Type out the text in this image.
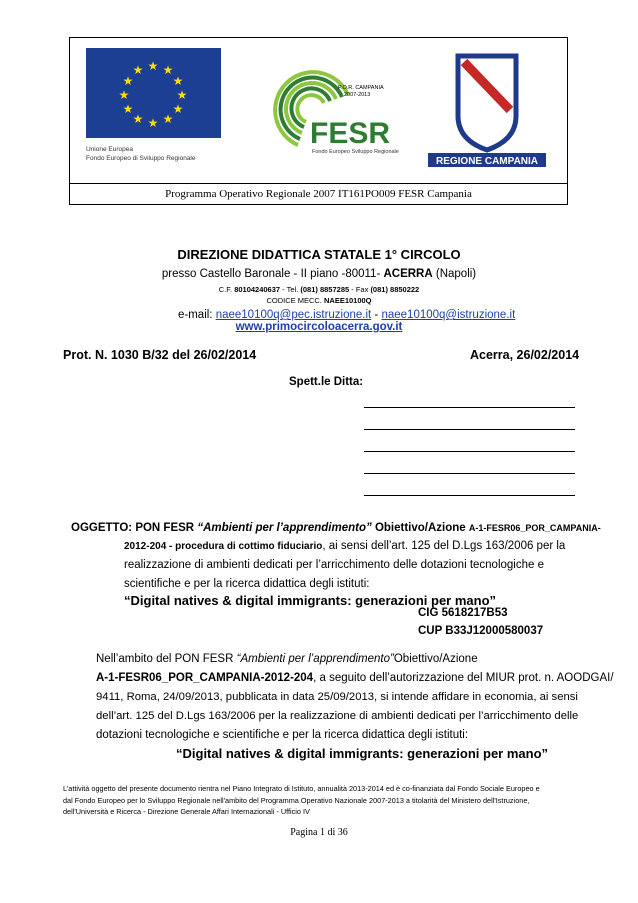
★ ★
★
★
★
★
★
★
★
★
★
★
Unione Europea
Fondo Europeo di Sviluppo Regionale
P.O.R. CAMPANIA
2007-2013
FESR
Fondo Europeo Sviluppo Regionale
REGIONE CAMPANIA
Programma Operativo Regionale 2007 IT161PO009 FESR Campania
DIREZIONE DIDATTICA STATALE 1° CIRCOLO
presso Castello Baronale - II piano -80011- ACERRA (Napoli)
C.F. 80104240637 - Tel. (081) 8857285 - Fax (081) 8850222
CODICE MECC. NAEE10100Q
e-mail: naee10100q@pec.istruzione.it - naee10100q@istruzione.it
www.primocircoloacerra.gov.it
Prot. N. 1030 B/32 del 26/02/2014	Acerra, 26/02/2014
Spett.le Ditta:
OGGETTO: PON FESR “Ambienti per l’apprendimento” Obiettivo/Azione A-1-FESR06_POR_CAMPANIA-
2012-204 - procedura di cottimo fiduciario, ai sensi dell’art. 125 del D.Lgs 163/2006 per la
realizzazione di ambienti dedicati per l’arricchimento delle dotazioni tecnologiche e
scientifiche e per la ricerca didattica degli istituti:
“Digital natives & digital immigrants: generazioni per mano”
CIG 5618217B53
CUP B33J12000580037
Nell’ambito del PON FESR “Ambienti per l’apprendimento”Obiettivo/Azione
A-1-FESR06_POR_CAMPANIA-2012-204, a seguito dell’autorizzazione del MIUR prot. n. AOODGAI/
9411, Roma, 24/09/2013, pubblicata in data 25/09/2013, si intende affidare in economia, ai sensi
dell’art. 125 del D.Lgs 163/2006 per la realizzazione di ambienti dedicati per l’arricchimento delle
dotazioni tecnologiche e scientifiche e per la ricerca didattica degli istituti:
“Digital natives & digital immigrants: generazioni per mano”
L’attività oggetto del presente documento rientra nel Piano Integrato di Istituto, annualità 2013-2014 ed è co-finanziata dal Fondo Sociale Europeo e
dal Fondo Europeo per lo Sviluppo Regionale nell'ambito del Programma Operativo Nazionale 2007-2013 a titolarità del Ministero dell'Istruzione,
dell'Università e Ricerca - Direzione Generale Affari Internazionali - Ufficio IV
Pagina 1 di 36
